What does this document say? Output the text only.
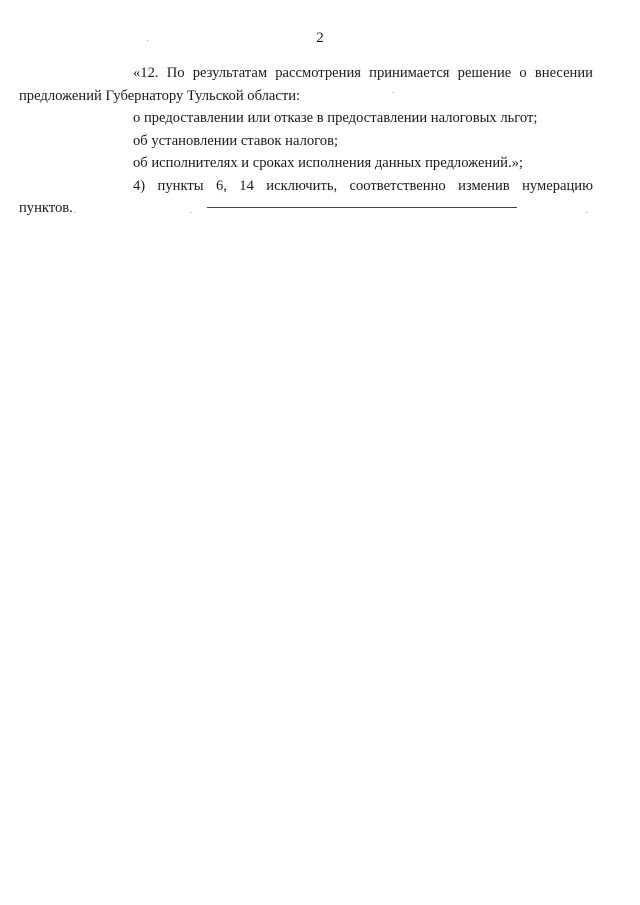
2

«12. По результатам рассмотрения принимается решение о внесении
предложений Губернатору Тульской области:

о предоставлении или отказе в предоставлении налоговых льгот;

об установлении ставок налогов;

об исполнителях и сроках исполнения данных предложений.»;

4) пункты 6, 14 исключить, соответственно изменив нумерацию
пунктов.
